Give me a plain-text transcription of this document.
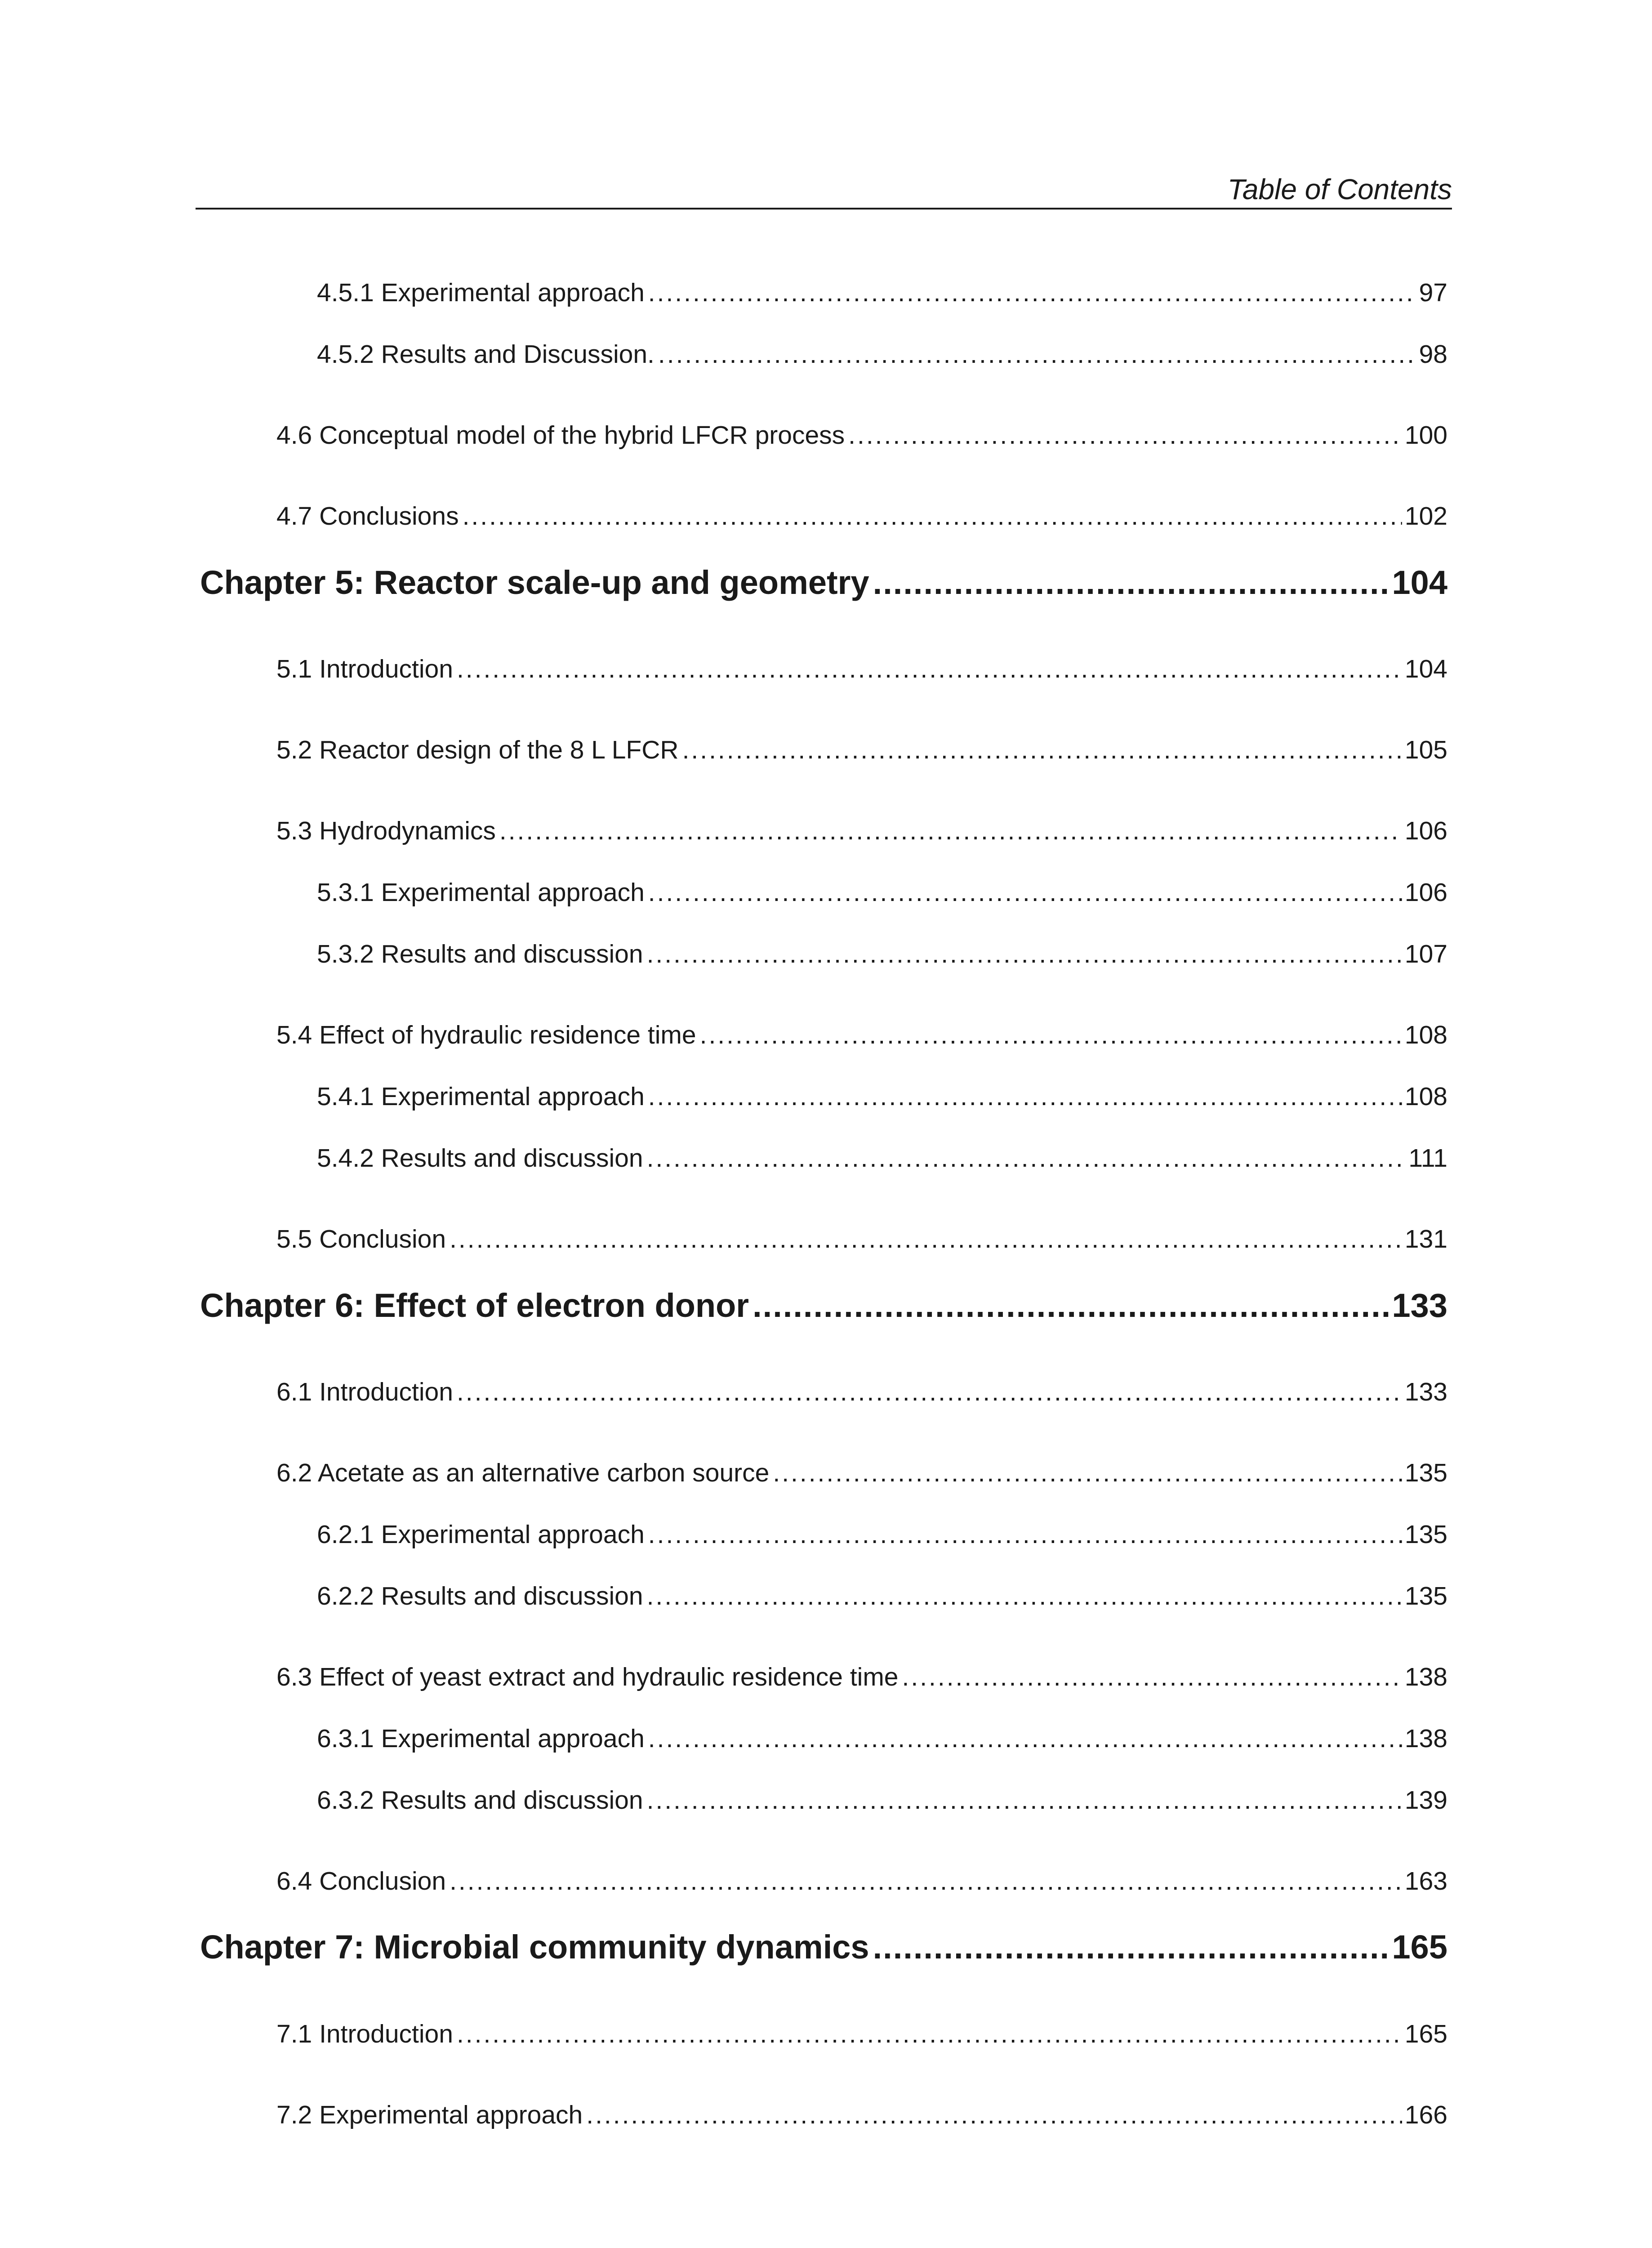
Table of Contents
4.5.1 Experimental approach .....	97
4.5.2 Results and Discussion. .....	98
4.6 Conceptual model of the hybrid LFCR process .....	100
4.7 Conclusions .....	102
Chapter 5: Reactor scale-up and geometry .....	104
5.1 Introduction .....	104
5.2 Reactor design of the 8 L LFCR .....	105
5.3 Hydrodynamics .....	106
5.3.1 Experimental approach .....	106
5.3.2 Results and discussion .....	107
5.4 Effect of hydraulic residence time .....	108
5.4.1 Experimental approach .....	108
5.4.2 Results and discussion .....	111
5.5 Conclusion .....	131
Chapter 6: Effect of electron donor .....	133
6.1 Introduction .....	133
6.2 Acetate as an alternative carbon source .....	135
6.2.1 Experimental approach .....	135
6.2.2 Results and discussion .....	135
6.3 Effect of yeast extract and hydraulic residence time .....	138
6.3.1 Experimental approach .....	138
6.3.2 Results and discussion .....	139
6.4 Conclusion .....	163
Chapter 7: Microbial community dynamics .....	165
7.1 Introduction .....	165
7.2 Experimental approach .....	166
